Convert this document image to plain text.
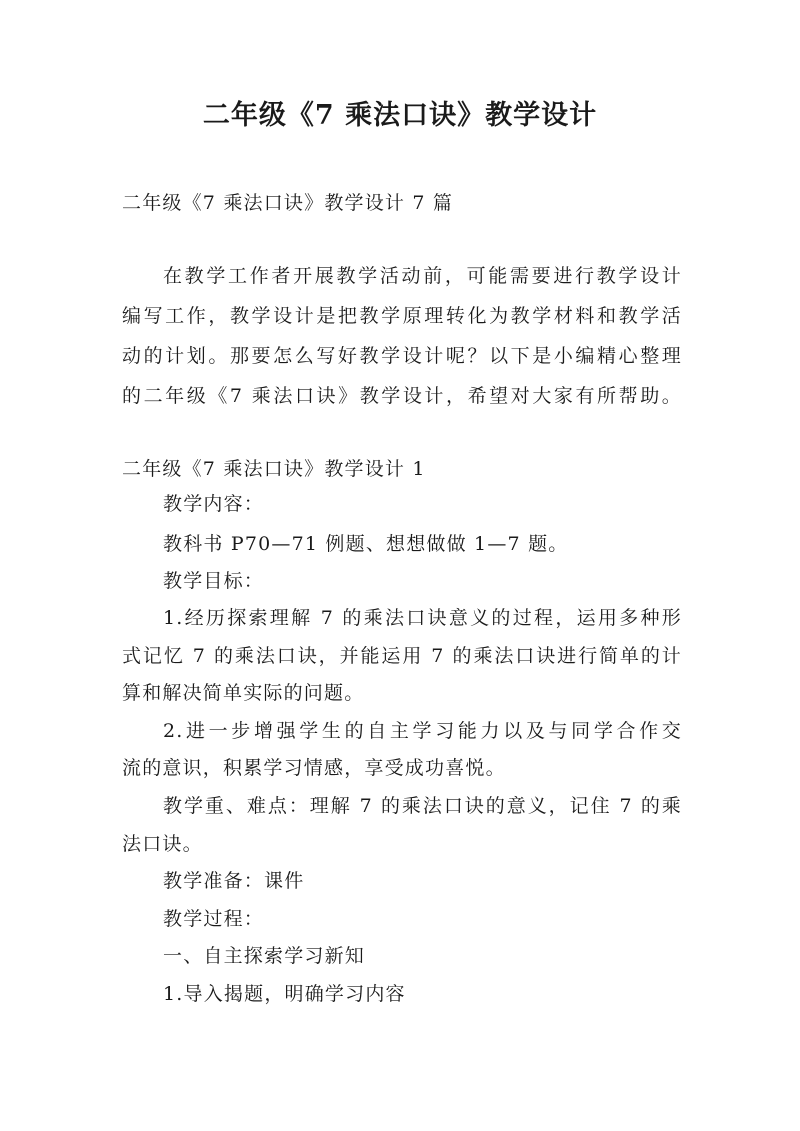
二年级《7 乘法口诀》教学设计
二年级《7 乘法口诀》教学设计 7 篇
在教学工作者开展教学活动前，可能需要进行教学设计
编写工作，教学设计是把教学原理转化为教学材料和教学活
动的计划。那要怎么写好教学设计呢？以下是小编精心整理
的二年级《7 乘法口诀》教学设计，希望对大家有所帮助。
二年级《7 乘法口诀》教学设计 1
教学内容：
教科书 P70—71 例题、想想做做 1—7 题。
教学目标：
1.经历探索理解 7 的乘法口诀意义的过程，运用多种形
式记忆 7 的乘法口诀，并能运用 7 的乘法口诀进行简单的计
算和解决简单实际的问题。
2.进一步增强学生的自主学习能力以及与同学合作交
流的意识，积累学习情感，享受成功喜悦。
教学重、难点：理解 7 的乘法口诀的意义，记住 7 的乘
法口诀。
教学准备：课件
教学过程：
一、自主探索学习新知
1.导入揭题，明确学习内容
